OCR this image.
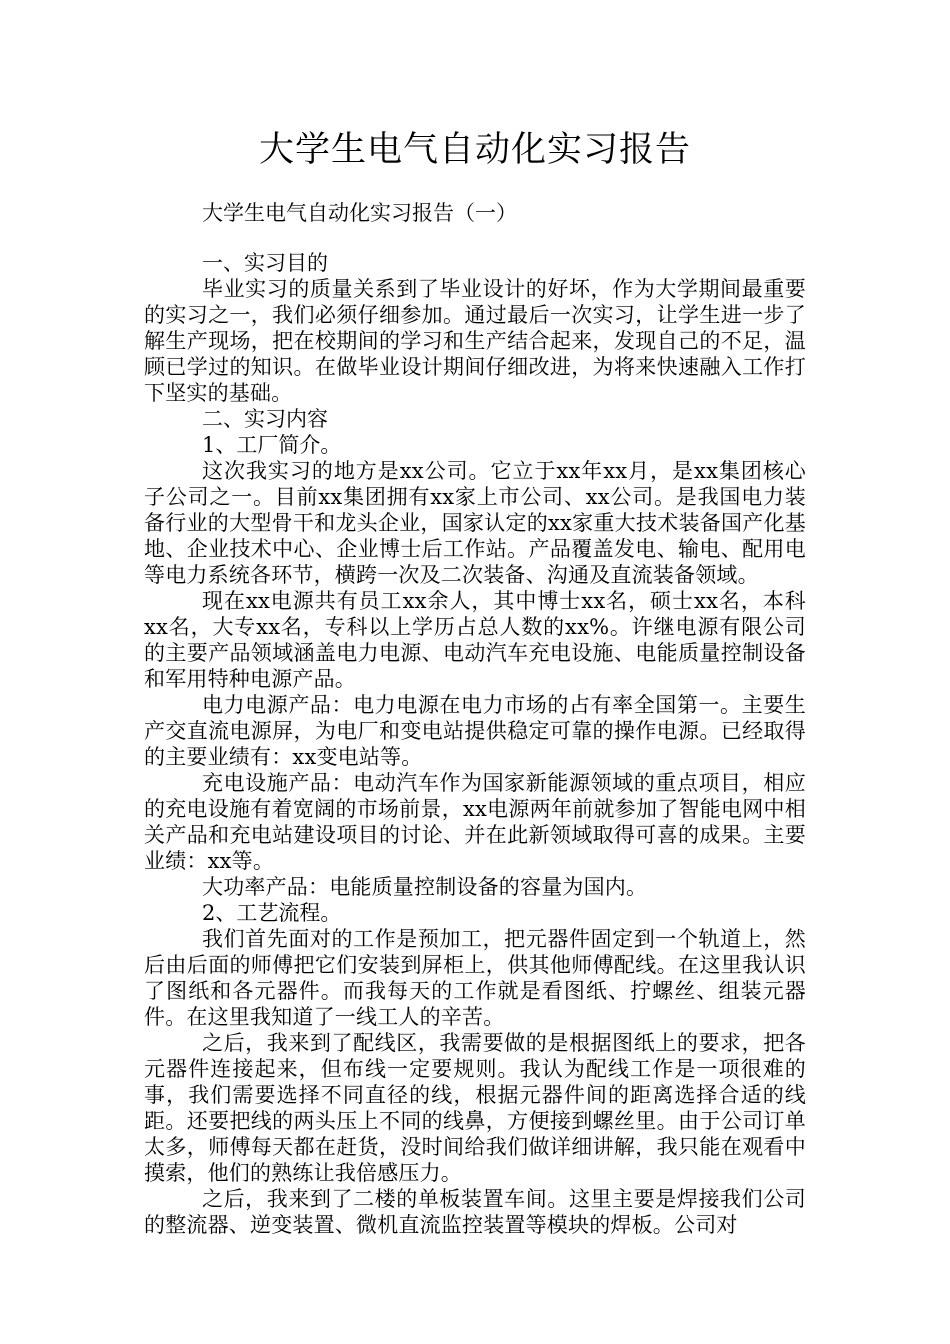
大学生电气自动化实习报告

大学生电气自动化实习报告（一）

一、实习目的

毕业实习的质量关系到了毕业设计的好坏，作为大学期间最重要的实习之一，我们必须仔细参加。通过最后一次实习，让学生进一步了解生产现场，把在校期间的学习和生产结合起来，发现自己的不足，温顾已学过的知识。在做毕业设计期间仔细改进，为将来快速融入工作打下坚实的基础。

二、实习内容

1、工厂简介。

这次我实习的地方是xx公司。它立于xx年xx月，是xx集团核心子公司之一。目前xx集团拥有xx家上市公司、xx公司。是我国电力装备行业的大型骨干和龙头企业，国家认定的xx家重大技术装备国产化基地、企业技术中心、企业博士后工作站。产品覆盖发电、输电、配用电等电力系统各环节，横跨一次及二次装备、沟通及直流装备领域。

现在xx电源共有员工xx余人，其中博士xx名，硕士xx名，本科xx名，大专xx名，专科以上学历占总人数的xx%。许继电源有限公司的主要产品领域涵盖电力电源、电动汽车充电设施、电能质量控制设备和军用特种电源产品。

电力电源产品：电力电源在电力市场的占有率全国第一。主要生产交直流电源屏，为电厂和变电站提供稳定可靠的操作电源。已经取得的主要业绩有：xx变电站等。

充电设施产品：电动汽车作为国家新能源领域的重点项目，相应的充电设施有着宽阔的市场前景，xx电源两年前就参加了智能电网中相关产品和充电站建设项目的讨论、并在此新领域取得可喜的成果。主要业绩：xx等。

大功率产品：电能质量控制设备的容量为国内。

2、工艺流程。

我们首先面对的工作是预加工，把元器件固定到一个轨道上，然后由后面的师傅把它们安装到屏柜上，供其他师傅配线。在这里我认识了图纸和各元器件。而我每天的工作就是看图纸、拧螺丝、组装元器件。在这里我知道了一线工人的辛苦。

之后，我来到了配线区，我需要做的是根据图纸上的要求，把各元器件连接起来，但布线一定要规则。我认为配线工作是一项很难的事，我们需要选择不同直径的线，根据元器件间的距离选择合适的线距。还要把线的两头压上不同的线鼻，方便接到螺丝里。由于公司订单太多，师傅每天都在赶货，没时间给我们做详细讲解，我只能在观看中摸索，他们的熟练让我倍感压力。

之后，我来到了二楼的单板装置车间。这里主要是焊接我们公司的整流器、逆变装置、微机直流监控装置等模块的焊板。公司对
